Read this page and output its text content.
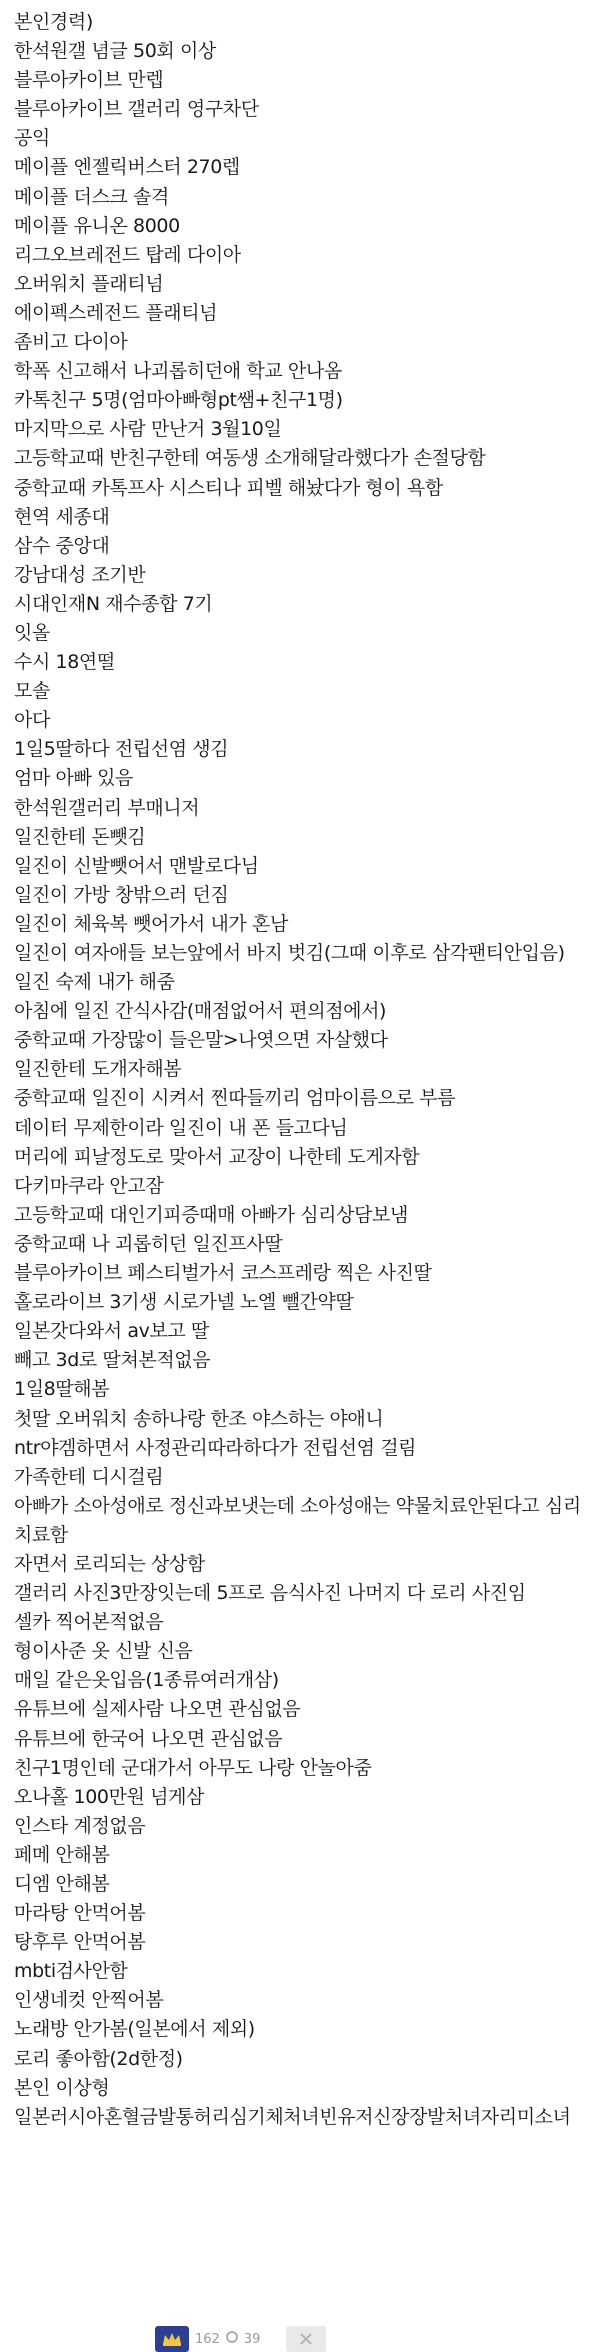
본인경력)
한석원갤 념글 50회 이상
블루아카이브 만렙
블루아카이브 갤러리 영구차단
공익
메이플 엔젤릭버스터 270렙
메이플 더스크 솔격
메이플 유니온 8000
리그오브레전드 탑레 다이아
오버워치 플래티넘
에이펙스레전드 플래티넘
좀비고 다이아
학폭 신고해서 나괴롭히던애 학교 안나옴
카톡친구 5명(엄마아빠형pt쌤+친구1명)
마지막으로 사람 만난거 3월10일
고등학교때 반친구한테 여동생 소개해달라했다가 손절당함
중학교때 카톡프사 시스티나 피벨 해놨다가 형이 욕함
현역 세종대
삼수 중앙대
강남대성 조기반
시대인재N 재수종합 7기
잇올
수시 18연떨
모솔
아다
1일5딸하다 전립선염 생김
엄마 아빠 있음
한석원갤러리 부매니저
일진한테 돈뺏김
일진이 신발뺏어서 맨발로다님
일진이 가방 창밖으러 던짐
일진이 체육복 뺏어가서 내가 혼남
일진이 여자애들 보는앞에서 바지 벗김(그때 이후로 삼각팬티안입음)
일진 숙제 내가 해줌
아침에 일진 간식사감(매점없어서 편의점에서)
중학교때 가장많이 들은말>나엿으면 자살했다
일진한테 도개자해봄
중학교때 일진이 시켜서 찐따들끼리 엄마이름으로 부름
데이터 무제한이라 일진이 내 폰 들고다님
머리에 피날정도로 맞아서 교장이 나한테 도게자함
다키마쿠라 안고잠
고등학교때 대인기피증때매 아빠가 심리상담보냄
중학교때 나 괴롭히던 일진프사딸
블루아카이브 페스티벌가서 코스프레랑 찍은 사진딸
홀로라이브 3기생 시로가넬 노엘 뺄간약딸
일본갓다와서 av보고 딸
빼고 3d로 딸쳐본적없음
1일8딸해봄
첫딸 오버워치 송하나랑 한조 야스하는 야애니
ntr야겜하면서 사정관리따라하다가 전립선염 걸림
가족한테 디시걸림
아빠가 소아성애로 정신과보냇는데 소아성애는 약물치료안된다고 심리치료함
자면서 로리되는 상상함
갤러리 사진3만장잇는데 5프로 음식사진 나머지 다 로리 사진임
셀카 찍어본적없음
형이사준 옷 신발 신음
매일 같은옷입음(1종류여러개삼)
유튜브에 실제사람 나오면 관심없음
유튜브에 한국어 나오면 관심없음
친구1명인데 군대가서 아무도 나랑 안놀아줌
오나홀 100만원 넘게삼
인스타 계정없음
페메 안해봄
디엠 안해봄
마라탕 안먹어봄
탕후루 안먹어봄
mbti검사안함
인생네컷 안찍어봄
노래방 안가봄(일본에서 제외)
로리 좋아함(2d한정)
본인 이상형
일본러시아혼혈금발통허리심기체처녀빈유저신장장발처녀자리미소녀
162 39
